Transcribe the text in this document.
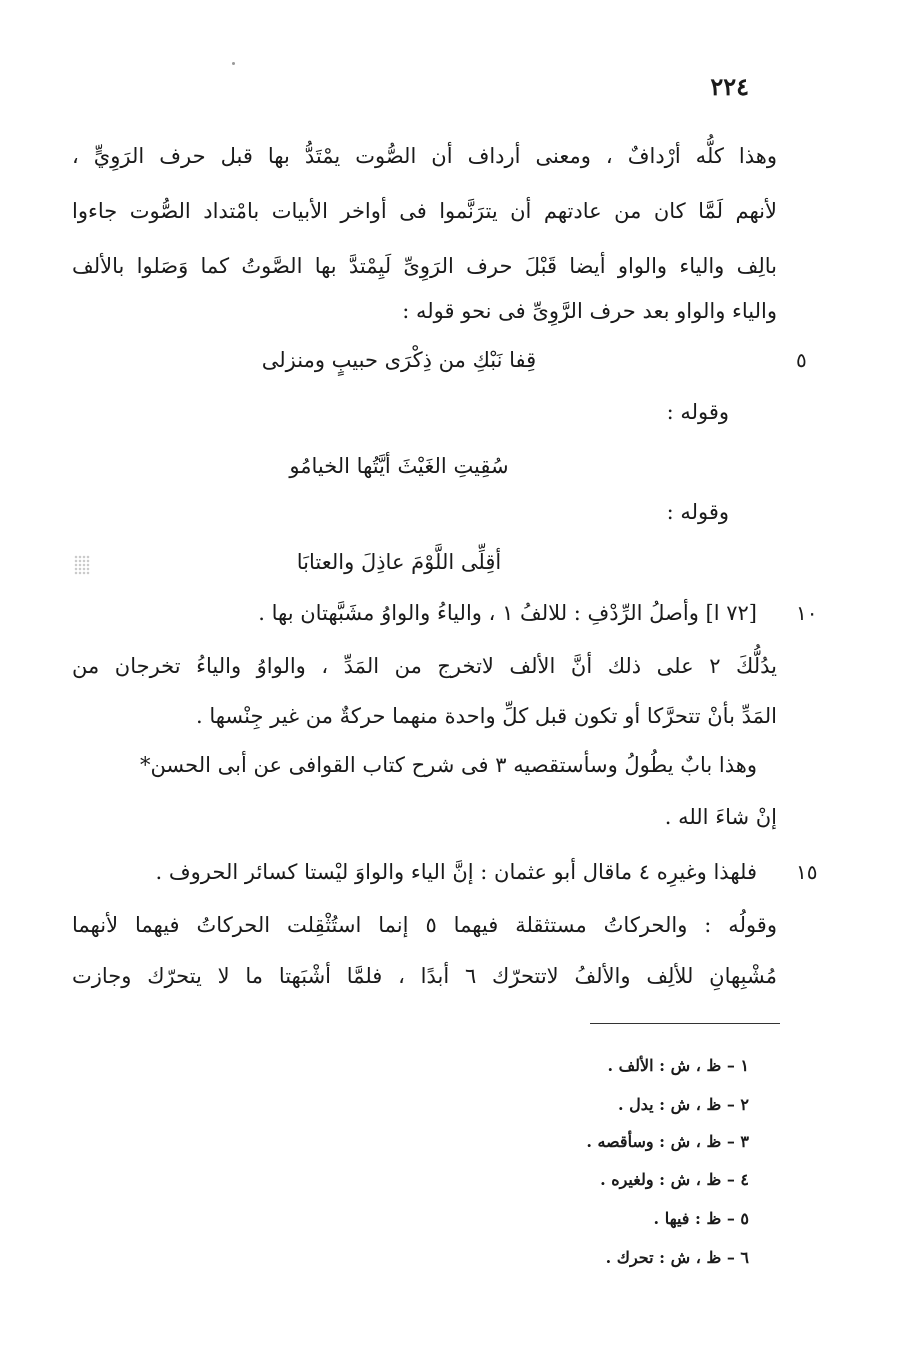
٢٢٤
وهذا كلُّه أرْدافٌ ، ومعنى أرداف أن الصُّوت يمْتَدُّ بها قبل حرف الرَوِيٍّ ،
لأنهم لَمَّا كان من عادتهم أن يترَنَّموا فى أواخر الأبيات بامْتداد الصُّوت جاءوا
بالِف والياء والواو أيضا قَبْلَ حرف الرَوِىِّ لَيِمْتدَّ بها الصَّوتُ كما وَصَلوا بالألف
والياء والواو بعد حرف الرَّوِىِّ فى نحو قوله :
٥
قِفا نَبْكِ من ذِكْرَى حبيبٍ ومنزلى
وقوله :
سُقِيتِ الغَيْثَ أيَّتُها الخيامُو
وقوله :
أقِلِّى اللَّوْمَ عاذِلَ والعتابَا
١٠
[٧٢ ا] وأصلُ الرِّدْفِ : للالفُ ١ ، والياءُ والواوُ مشَبَّهتان بها .
يدُلُّكَ ٢ على ذلك أنَّ الألف لاتخرج من المَدِّ ، والواوُ والياءُ تخرجان من
المَدِّ بأنْ تتحرَّكا أو تكون قبل كلِّ واحدة منهما حركةٌ من غير جِنْسها .
وهذا بابٌ يطُولُ وسأستقصيه ٣ فى شرح كتاب القوافى عن أبى الحسن*
إنْ شاءَ الله .
١٥
فلهذا وغيرِه ٤ ماقال أبو عثمان : إنَّ الياء والواوَ ليْستا كسائر الحروف .
وقولُه : والحركاتُ مستثقلة فيهما ٥ إنما استُثْقِلت الحركاتُ فيهما لأنهما
مُشْبِهانِ للألِف والألفُ لاتتحرّك ٦ أبدًا ، فلمَّا أشْبَهتا ما لا يتحرّك وجازت
١ – ظ ، ش : الألف .
٢ – ظ ، ش : يدل .
٣ – ظ ، ش : وسأقصه .
٤ – ظ ، ش : ولغيره .
٥ – ظ : فيها .
٦ – ظ ، ش : تحرك .
